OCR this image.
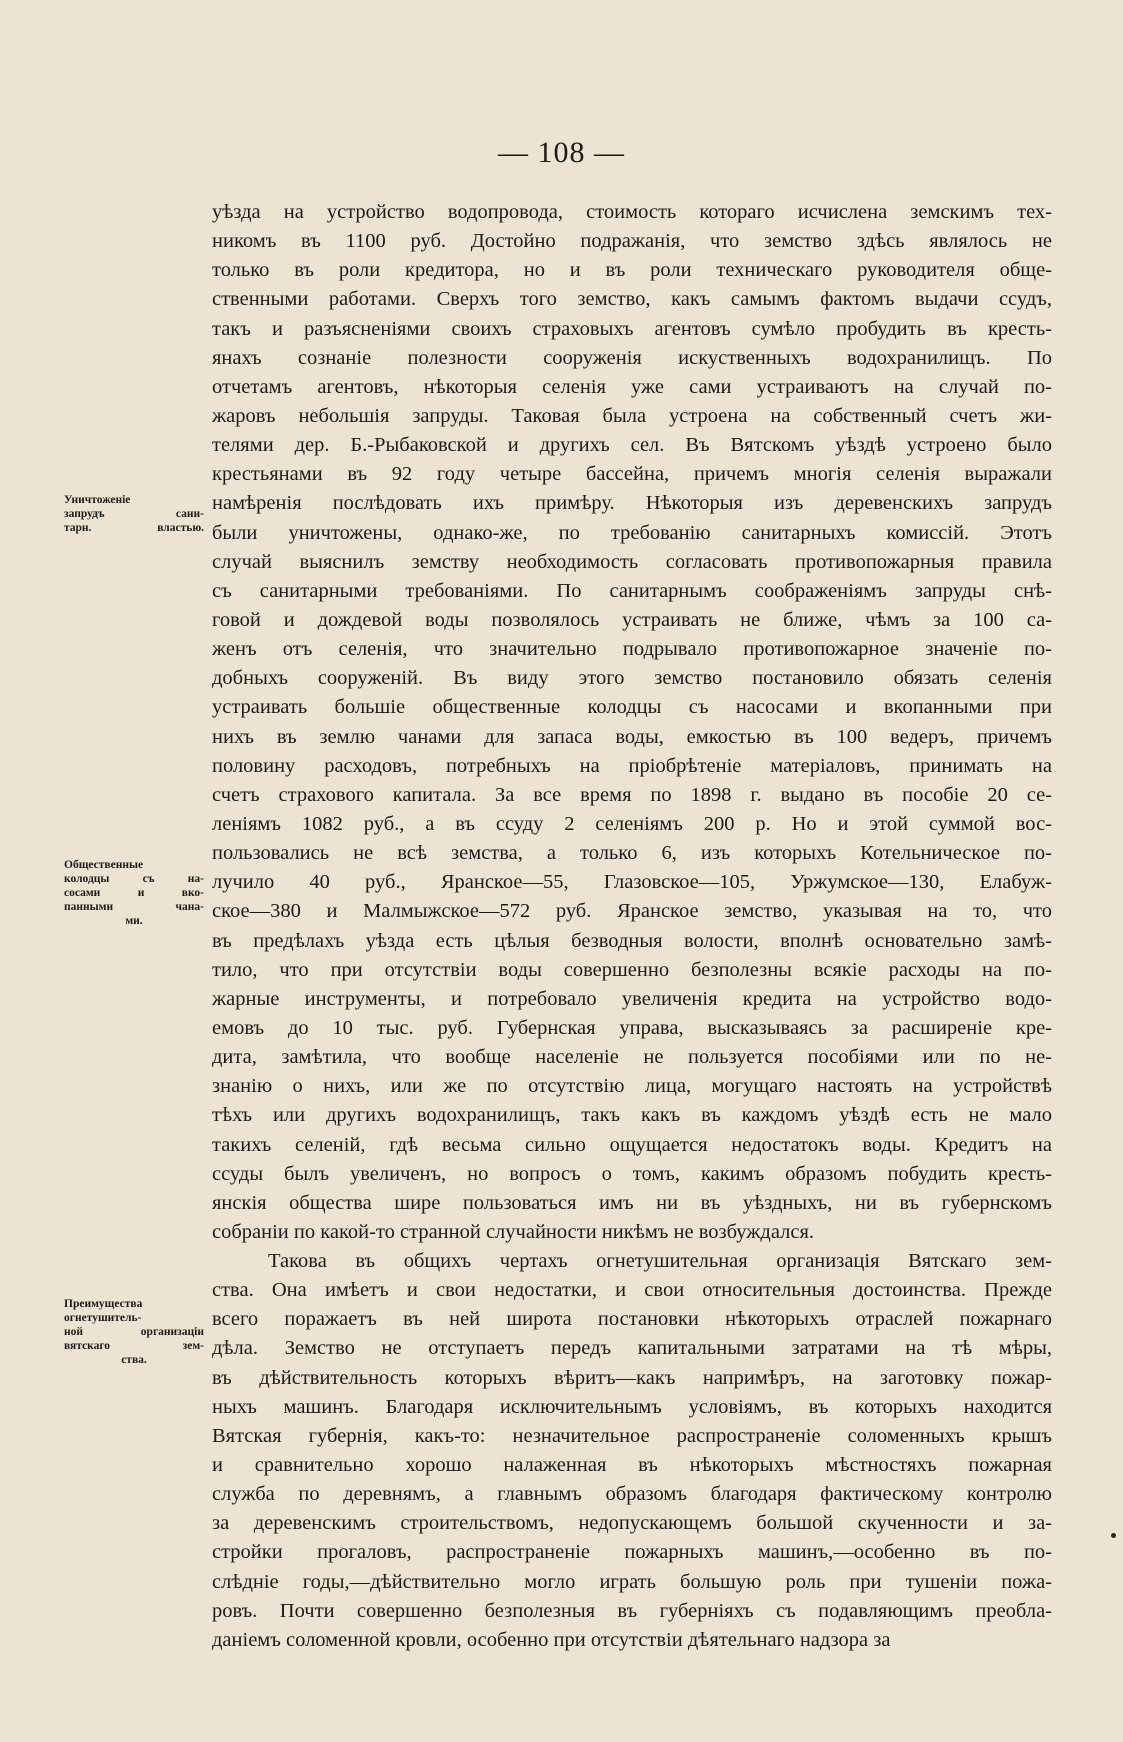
— 108 —
Уничтоженіе
запрудъ сани-
тарн. властью.
Общественные
колодцы съ на-
сосами и вко-
панными чана-
ми.
Преимущества
огнетушитель-
ной организаціи
вятскаго зем-
ства.
уѣзда на устройство водопровода, стоимость котораго исчислена земскимъ тех-
никомъ въ 1100 руб. Достойно подражанія, что земство здѣсь являлось не
только въ роли кредитора, но и въ роли техническаго руководителя обще-
ственными работами. Сверхъ того земство, какъ самымъ фактомъ выдачи ссудъ,
такъ и разъясненіями своихъ страховыхъ агентовъ сумѣло пробудить въ кресть-
янахъ сознаніе полезности сооруженія искуственныхъ водохранилищъ. По
отчетамъ агентовъ, нѣкоторыя селенія уже сами устраиваютъ на случай по-
жаровъ небольшія запруды. Таковая была устроена на собственный счетъ жи-
телями дер. Б.-Рыбаковской и другихъ сел. Въ Вятскомъ уѣздѣ устроено было
крестьянами въ 92 году четыре бассейна, причемъ многія селенія выражали
намѣренія послѣдовать ихъ примѣру. Нѣкоторыя изъ деревенскихъ запрудъ
были уничтожены, однако-же, по требованію санитарныхъ комиссій. Этотъ
случай выяснилъ земству необходимость согласовать противопожарныя правила
съ санитарными требованіями. По санитарнымъ соображеніямъ запруды снѣ-
говой и дождевой воды позволялось устраивать не ближе, чѣмъ за 100 са-
женъ отъ селенія, что значительно подрывало противопожарное значеніе по-
добныхъ сооруженій. Въ виду этого земство постановило обязать селенія
устраивать большіе общественные колодцы съ насосами и вкопанными при
нихъ въ землю чанами для запаса воды, емкостью въ 100 ведеръ, причемъ
половину расходовъ, потребныхъ на пріобрѣтеніе матеріаловъ, принимать на
счетъ страхового капитала. За все время по 1898 г. выдано въ пособіе 20 се-
леніямъ 1082 руб., а въ ссуду 2 селеніямъ 200 р. Но и этой суммой вос-
пользовались не всѣ земства, а только 6, изъ которыхъ Котельническое по-
лучило 40 руб., Яранское—55, Глазовское—105, Уржумское—130, Елабуж-
ское—380 и Малмыжское—572 руб. Яранское земство, указывая на то, что
въ предѣлахъ уѣзда есть цѣлыя безводныя волости, вполнѣ основательно замѣ-
тило, что при отсутствіи воды совершенно безполезны всякіе расходы на по-
жарные инструменты, и потребовало увеличенія кредита на устройство водо-
емовъ до 10 тыс. руб. Губернская управа, высказываясь за расширеніе кре-
дита, замѣтила, что вообще населеніе не пользуется пособіями или по не-
знанію о нихъ, или же по отсутствію лица, могущаго настоять на устройствѣ
тѣхъ или другихъ водохранилищъ, такъ какъ въ каждомъ уѣздѣ есть не мало
такихъ селеній, гдѣ весьма сильно ощущается недостатокъ воды. Кредитъ на
ссуды былъ увеличенъ, но вопросъ о томъ, какимъ образомъ побудить кресть-
янскія общества шире пользоваться имъ ни въ уѣздныхъ, ни въ губернскомъ
собраніи по какой-то странной случайности никѣмъ не возбуждался.
Такова въ общихъ чертахъ огнетушительная организація Вятскаго зем-
ства. Она имѣетъ и свои недостатки, и свои относительныя достоинства. Прежде
всего поражаетъ въ ней широта постановки нѣкоторыхъ отраслей пожарнаго
дѣла. Земство не отступаетъ передъ капитальными затратами на тѣ мѣры,
въ дѣйствительность которыхъ вѣритъ—какъ напримѣръ, на заготовку пожар-
ныхъ машинъ. Благодаря исключительнымъ условіямъ, въ которыхъ находится
Вятская губернія, какъ-то: незначительное распространеніе соломенныхъ крышъ
и сравнительно хорошо налаженная въ нѣкоторыхъ мѣстностяхъ пожарная
служба по деревнямъ, а главнымъ образомъ благодаря фактическому контролю
за деревенскимъ строительствомъ, недопускающемъ большой скученности и за-
стройки прогаловъ, распространеніе пожарныхъ машинъ,—особенно въ по-
слѣдніе годы,—дѣйствительно могло играть большую роль при тушеніи пожа-
ровъ. Почти совершенно безполезныя въ губерніяхъ съ подавляющимъ преобла-
даніемъ соломенной кровли, особенно при отсутствіи дѣятельнаго надзора за
